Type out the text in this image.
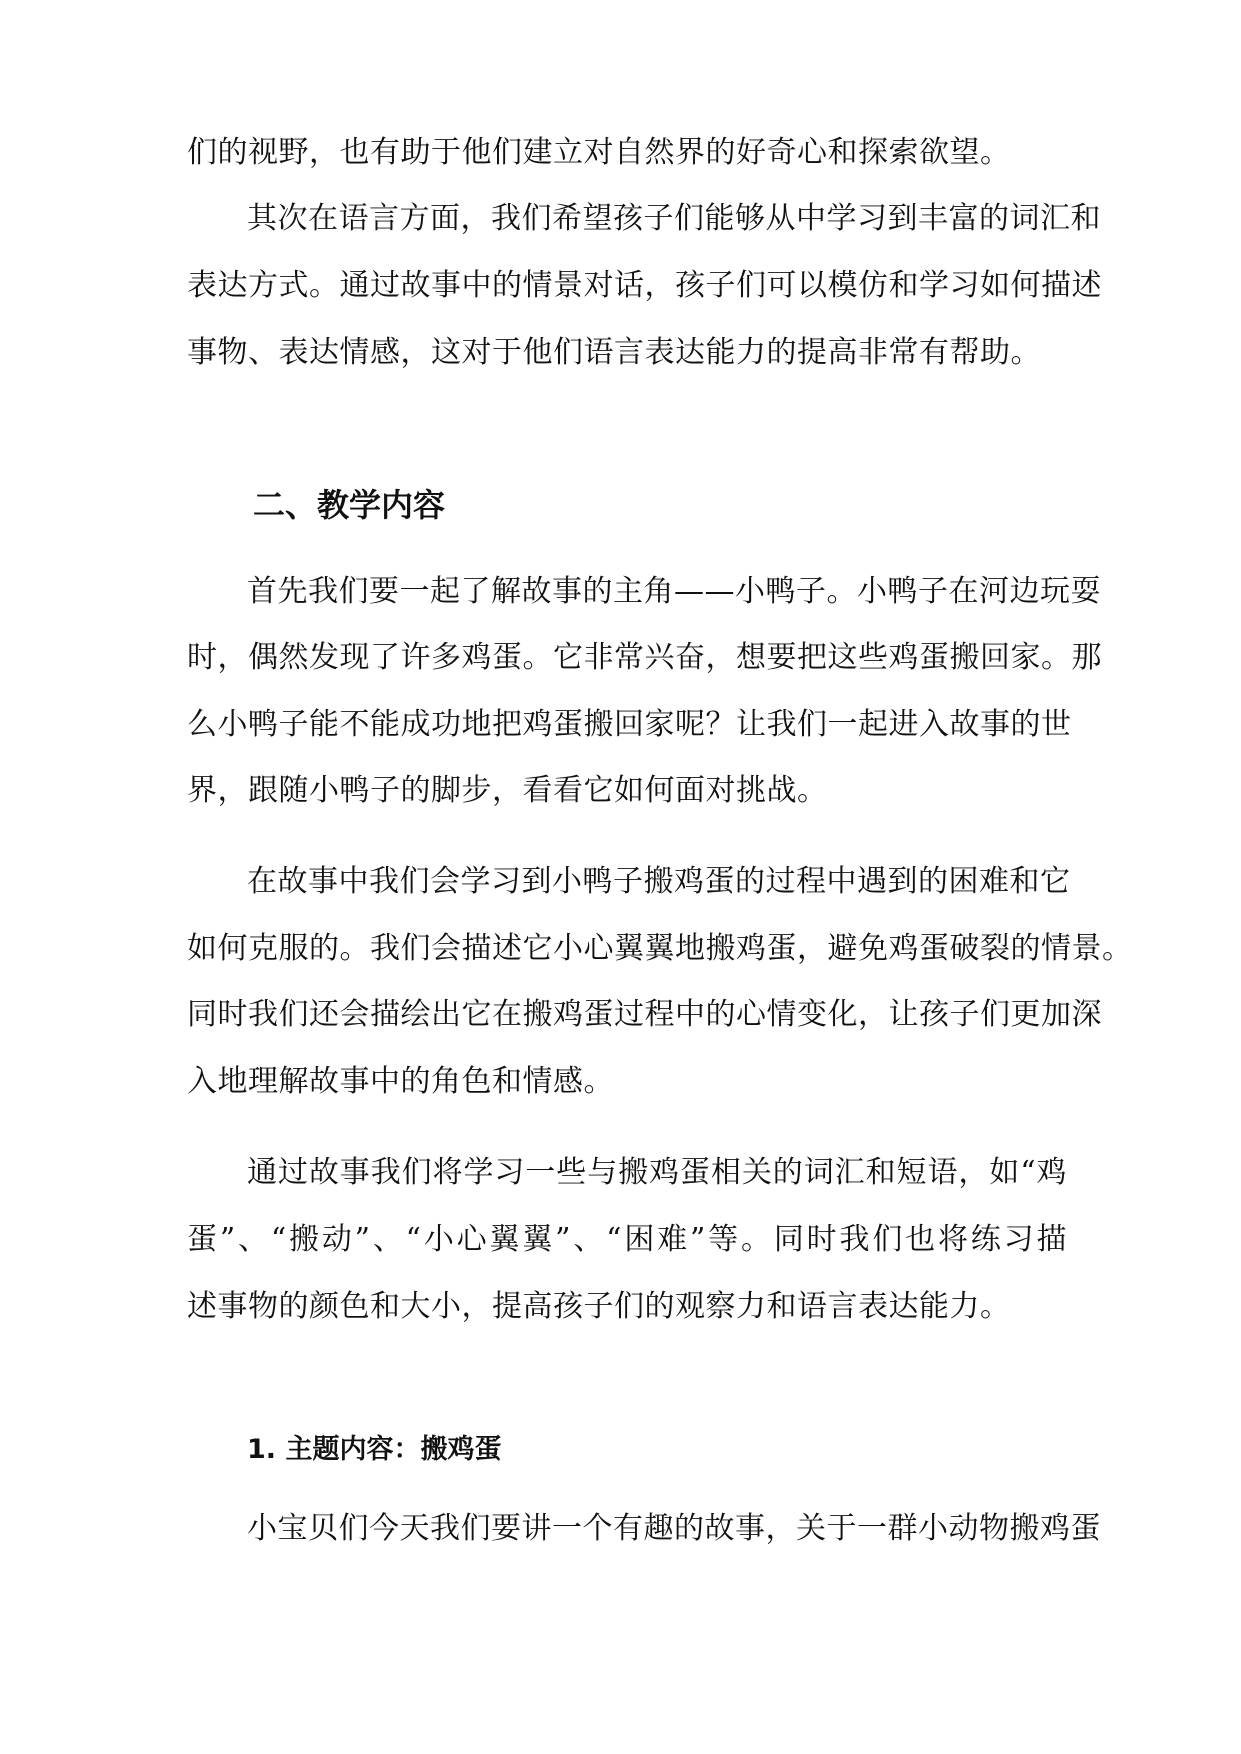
们的视野，也有助于他们建立对自然界的好奇心和探索欲望。
其次在语言方面，我们希望孩子们能够从中学习到丰富的词汇和
表达方式。通过故事中的情景对话，孩子们可以模仿和学习如何描述
事物、表达情感，这对于他们语言表达能力的提高非常有帮助。
二、教学内容
首先我们要一起了解故事的主角——小鸭子。小鸭子在河边玩耍
时，偶然发现了许多鸡蛋。它非常兴奋，想要把这些鸡蛋搬回家。那
么小鸭子能不能成功地把鸡蛋搬回家呢？让我们一起进入故事的世
界，跟随小鸭子的脚步，看看它如何面对挑战。
在故事中我们会学习到小鸭子搬鸡蛋的过程中遇到的困难和它
如何克服的。我们会描述它小心翼翼地搬鸡蛋，避免鸡蛋破裂的情景。
同时我们还会描绘出它在搬鸡蛋过程中的心情变化，让孩子们更加深
入地理解故事中的角色和情感。
通过故事我们将学习一些与搬鸡蛋相关的词汇和短语，如“鸡
蛋”、“搬动”、“小心翼翼”、“困难”等。同时我们也将练习描
述事物的颜色和大小，提高孩子们的观察力和语言表达能力。
1. 主题内容：搬鸡蛋
小宝贝们今天我们要讲一个有趣的故事，关于一群小动物搬鸡蛋
